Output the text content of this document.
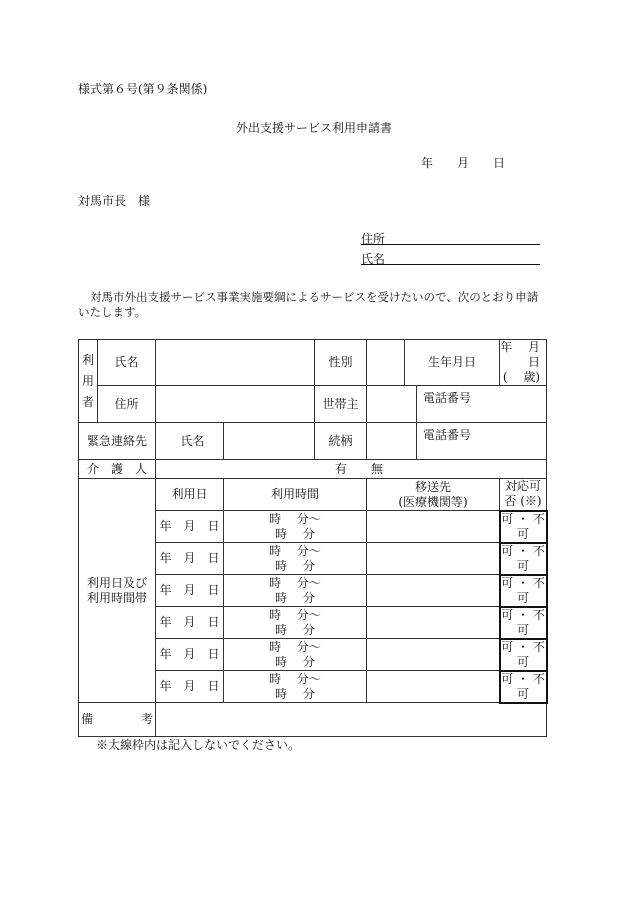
様式第６号(第９条関係)
外出支援サービス利用申請書
年 月 日
対馬市長　様
住所
氏名
対馬市外出支援サービス事業実施要綱によるサービスを受けたいので、次のとおり申請
いたします。
利
用
者	氏名			性別		生年月日		年　 月　 日
(　 歳)

	住所			世帯主			電話番号	
緊急連絡先		氏名		続柄			電話番号	
介　護　人		有　　無						

利用日及び
利用時間帯		利用日	利用時間		移送先
(医療機関等)			対応可否 (※)
		年　月　日	時　 分～
時　 分					可 ・ 不可
		年　月　日	時　 分～
時　 分					可 ・ 不可
		年　月　日	時　 分～
時　 分					可 ・ 不可
		年　月　日	時　 分～
時　 分					可 ・ 不可
		年　月　日	時　 分～
時　 分					可 ・ 不可
		年　月　日	時　 分～
時　 分					可 ・ 不可
備　　　　考								
※太線枠内は記入しないでください。
